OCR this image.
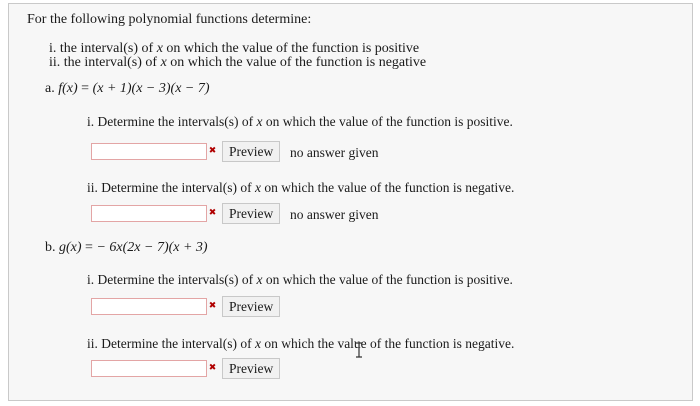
For the following polynomial functions determine:
i. the interval(s) of x on which the value of the function is positive
ii. the interval(s) of x on which the value of the function is negative
a. f(x) = (x + 1)(x − 3)(x − 7)
i. Determine the intervals(s) of x on which the value of the function is positive.
✖ Preview	no answer given
ii. Determine the interval(s) of x on which the value of the function is negative.
✖ Preview	no answer given
b. g(x) = − 6x(2x − 7)(x + 3)
i. Determine the intervals(s) of x on which the value of the function is positive.
✖ Preview
ii. Determine the interval(s) of x on which the value of the function is negative.
✖ Preview
